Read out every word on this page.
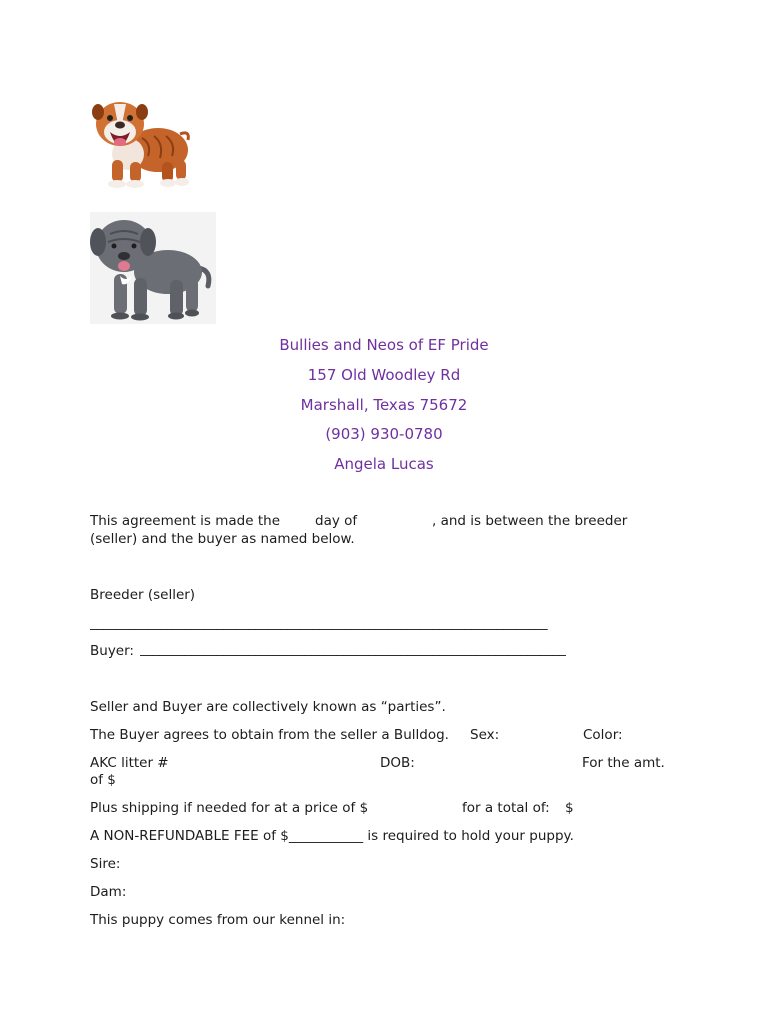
Bullies and Neos of EF Pride
157 Old Woodley Rd
Marshall, Texas 75672
(903) 930-0780
Angela Lucas
This agreement is made the	day of	, and is between the breeder
(seller) and the buyer as named below.
Breeder (seller)
________________________________________________________________________
Buyer: ___________________________________________________________________
Seller and Buyer are collectively known as “parties”.
The Buyer agrees to obtain from the seller a Bulldog. Sex:	Color:
AKC litter #	DOB:	For the amt.
of $
Plus shipping if needed for at a price of $	for a total of: $
A NON-REFUNDABLE FEE of $___________ is required to hold your puppy.
Sire:
Dam:
This puppy comes from our kennel in:
